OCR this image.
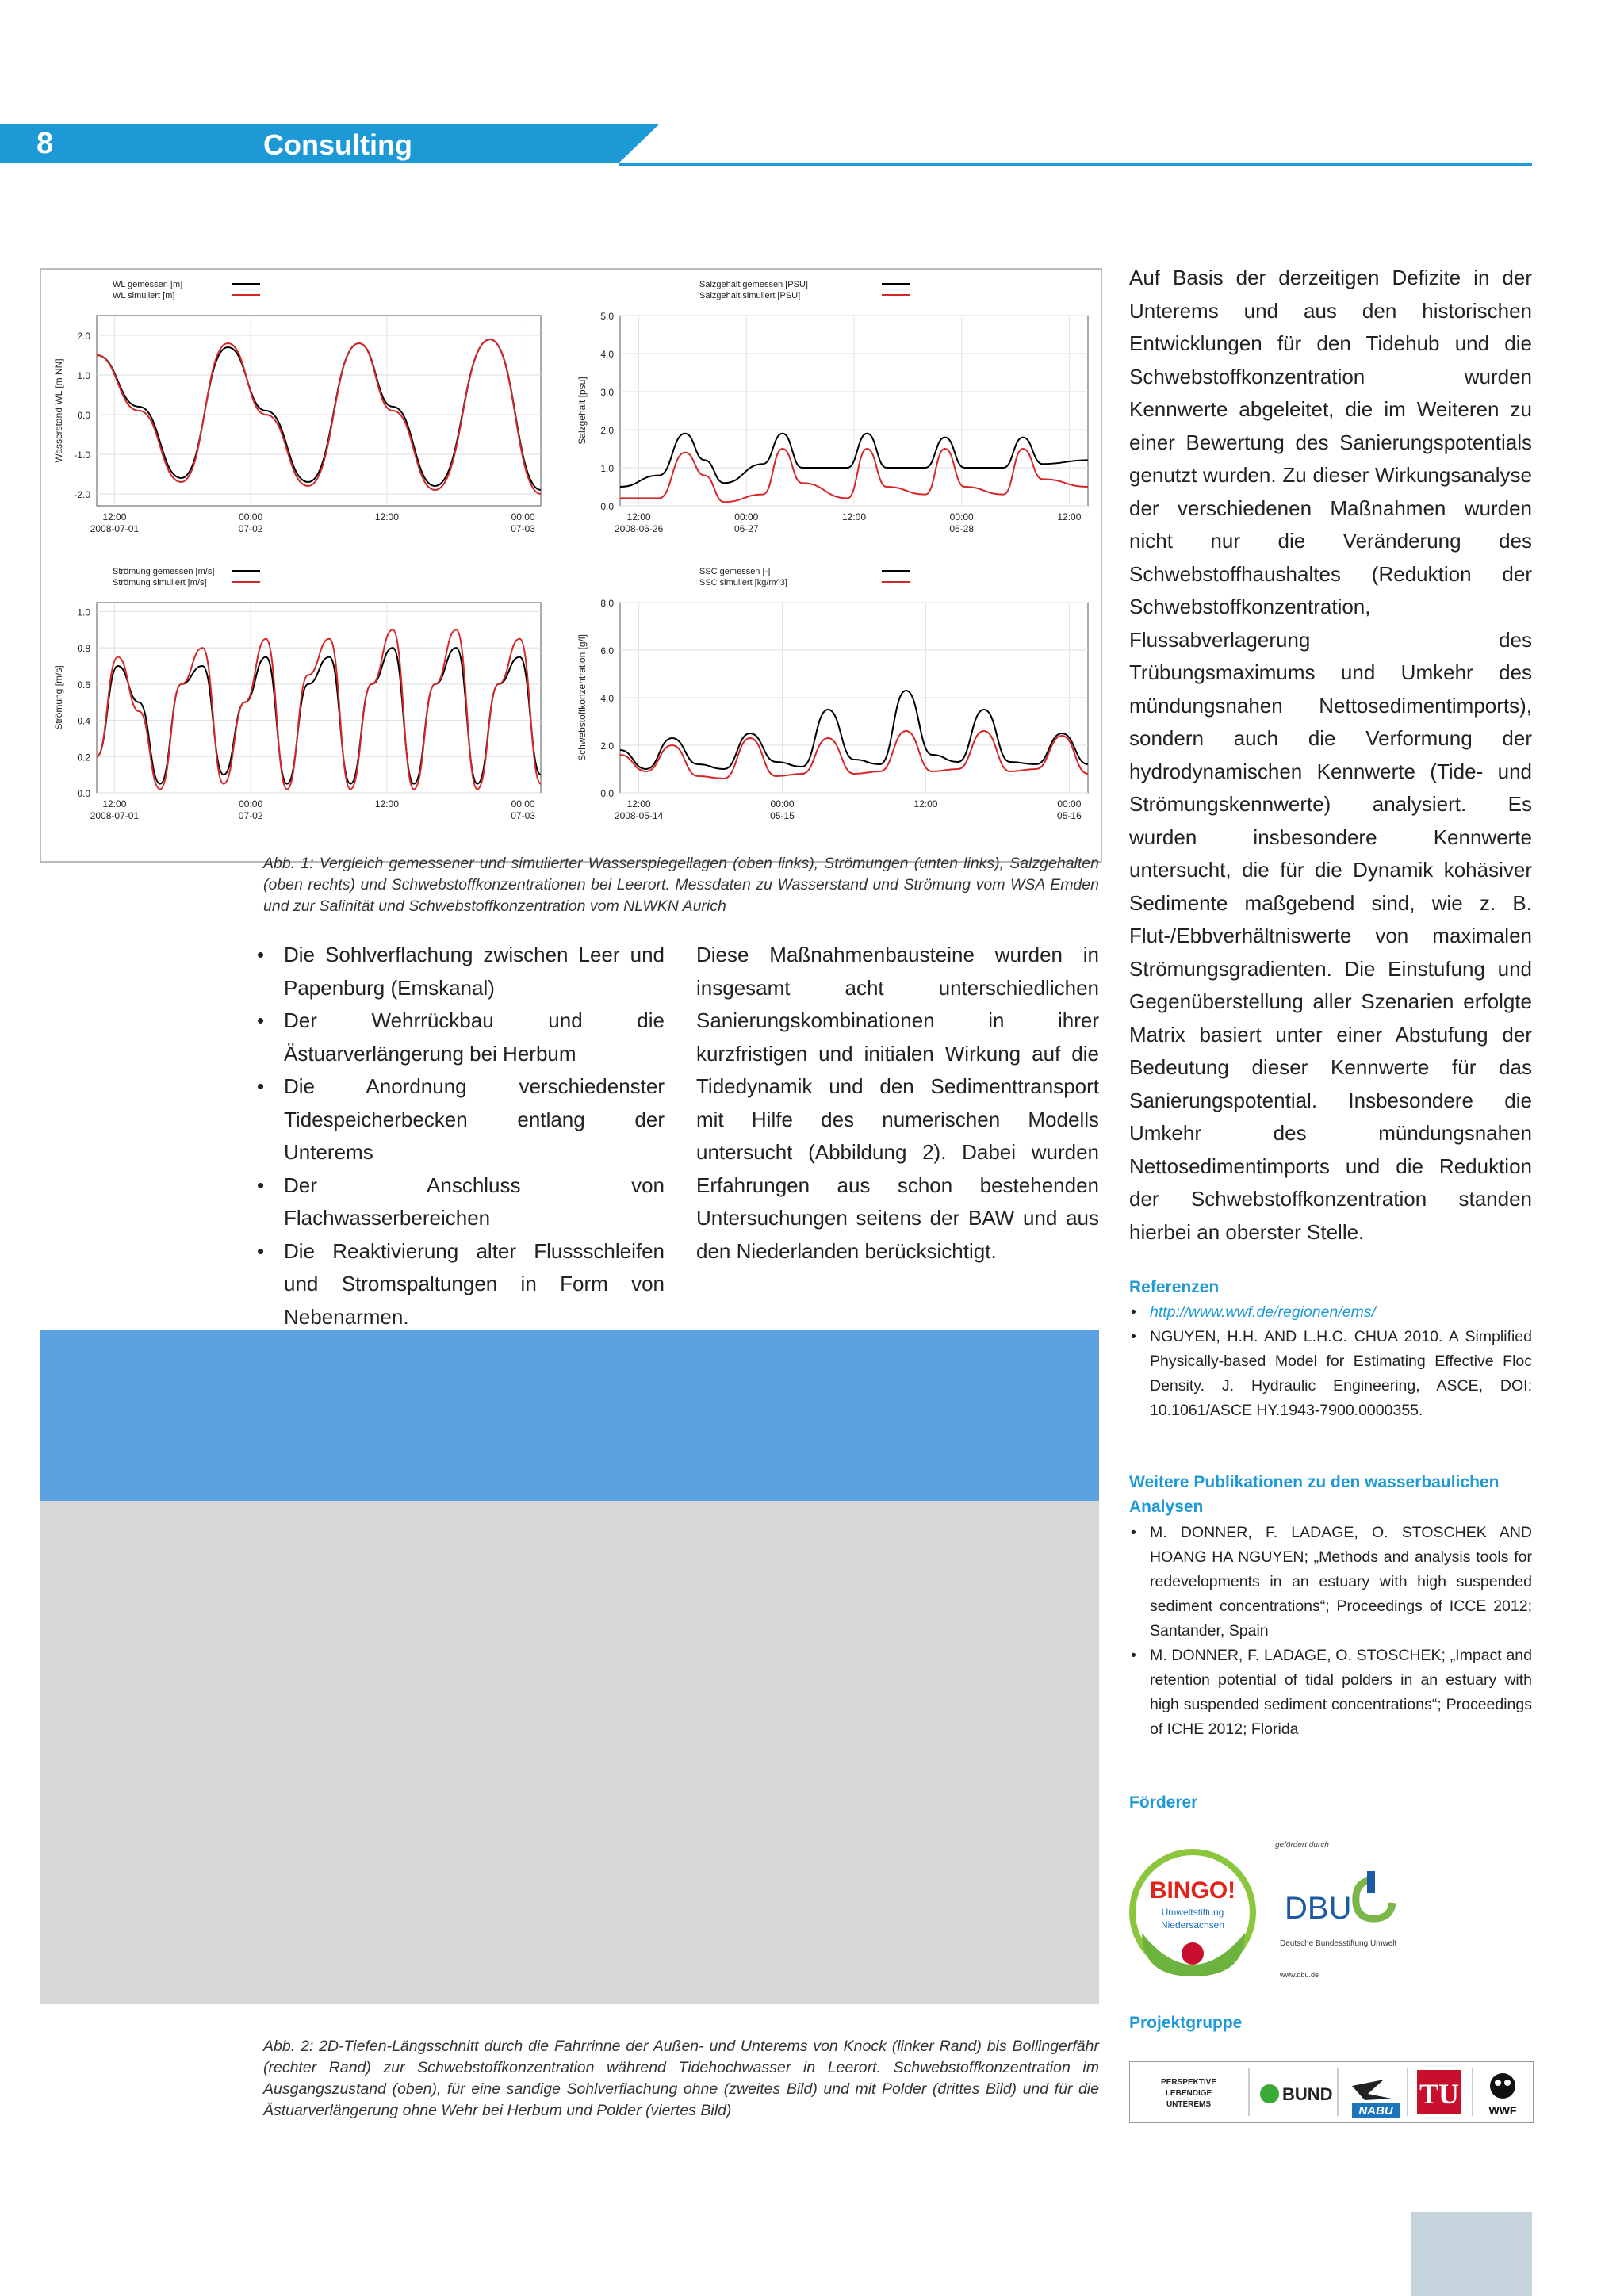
8	Consulting
2.0
1.0
0.0
-1.0
-2.0
12:00
2008-07-01
00:00
07-02
12:00	00:00
07-03
Wasserstand WL [m NN]
WL gemessen [m]
WL simuliert [m]
5.0
4.0
3.0
2.0
1.0
0.0
12:00
2008-06-26
00:00
06-27
12:00	00:00
06-28
12:00
Salzgehalt [psu]
Salzgehalt gemessen [PSU]
Salzgehalt simuliert [PSU]
1.0
0.8
0.6
0.4
0.2
0.0
12:00
2008-07-01
00:00
07-02
12:00	00:00
07-03
Strömung [m/s]
Strömung gemessen [m/s]
Strömung simuliert [m/s]
8.0
6.0
4.0
2.0
0.0
12:00
2008-05-14
00:00
05-15
12:00	00:00
05-16
Schwebstoffkonzentration [g/l]
SSC gemessen [-]
SSC simuliert [kg/m^3]
Abb. 1: Vergleich gemessener und simulierter Wasserspiegellagen (oben links), Strömungen (unten links), Salzgehalten (oben rechts) und Schwebstoffkonzentrationen bei Leerort. Messdaten zu Wasserstand und Strömung vom WSA Emden und zur Salinität und Schwebstoffkonzentration vom NLWKN Aurich
• Die Sohlverflachung zwischen Leer und Papenburg (Emskanal)
• Der Wehrrückbau und die Ästuarverlängerung bei Herbum
• Die Anordnung verschiedenster Tidespeicherbecken entlang der Unterems
• Der Anschluss von Flachwasserbereichen
• Die Reaktivierung alter Flussschleifen und Stromspaltungen in Form von Nebenarmen.
Diese Maßnahmenbausteine wurden in insgesamt acht unterschiedlichen Sanierungskombinationen in ihrer kurzfristigen und initialen Wirkung auf die Tidedynamik und den Sedimenttransport mit Hilfe des numerischen Modells untersucht (Abbildung 2). Dabei wurden Erfahrungen aus schon bestehenden Untersuchungen seitens der BAW und aus den Niederlanden berücksichtigt.
Auf Basis der derzeitigen Defizite in der Unterems und aus den historischen Entwicklungen für den Tidehub und die Schwebstoffkonzentration wurden Kennwerte abgeleitet, die im Weiteren zu einer Bewertung des Sanierungspotentials genutzt wurden. Zu dieser Wirkungsanalyse der verschiedenen Maßnahmen wurden nicht nur die Veränderung des Schwebstoffhaushaltes (Reduktion der Schwebstoffkonzentration, Flussabverlagerung des Trübungsmaximums und Umkehr des mündungsnahen Nettosedimentimports), sondern auch die Verformung der hydrodynamischen Kennwerte (Tide- und Strömungskennwerte) analysiert. Es wurden insbesondere Kennwerte untersucht, die für die Dynamik kohäsiver Sedimente maßgebend sind, wie z. B. Flut-/Ebbverhältniswerte von maximalen Strömungsgradienten. Die Einstufung und Gegenüberstellung aller Szenarien erfolgte Matrix basiert unter einer Abstufung der Bedeutung dieser Kennwerte für das Sanierungspotential. Insbesondere die Umkehr des mündungsnahen Nettosedimentimports und die Reduktion der Schwebstoffkonzentration standen hierbei an oberster Stelle.
Referenzen
• http://www.wwf.de/regionen/ems/
• NGUYEN, H.H. AND L.H.C. CHUA 2010. A Simplified Physically-based Model for Estimating Effective Floc Density. J. Hydraulic Engineering, ASCE, DOI: 10.1061/ASCE HY.1943-7900.0000355.
Weitere Publikationen zu den wasserbaulichen Analysen
• M. DONNER, F. LADAGE, O. STOSCHEK AND HOANG HA NGUYEN; „Methods and analysis tools for redevelopments in an estuary with high suspended sediment concentrations“; Proceedings of ICCE 2012; Santander, Spain
• M. DONNER, F. LADAGE, O. STOSCHEK; „Impact and retention potential of tidal polders in an estuary with high suspended sediment concentrations“; Proceedings of ICHE 2012; Florida
Förderer
BINGO!
Umweltstiftung
Niedersachsen
gefördert durch
DBU
Deutsche Bundesstiftung Umwelt
www.dbu.de
Projektgruppe
PERSPEKTIVE
LEBENDIGE
UNTEREMS
BUND
NABU
TU
WWF
Abb. 2: 2D-Tiefen-Längsschnitt durch die Fahrrinne der Außen- und Unterems von Knock (linker Rand) bis Bollingerfähr (rechter Rand) zur Schwebstoffkonzentration während Tidehochwasser in Leerort. Schwebstoffkonzentration im Ausgangszustand (oben), für eine sandige Sohlverflachung ohne (zweites Bild) und mit Polder (drittes Bild) und für die Ästuarverlängerung ohne Wehr bei Herbum und Polder (viertes Bild)
